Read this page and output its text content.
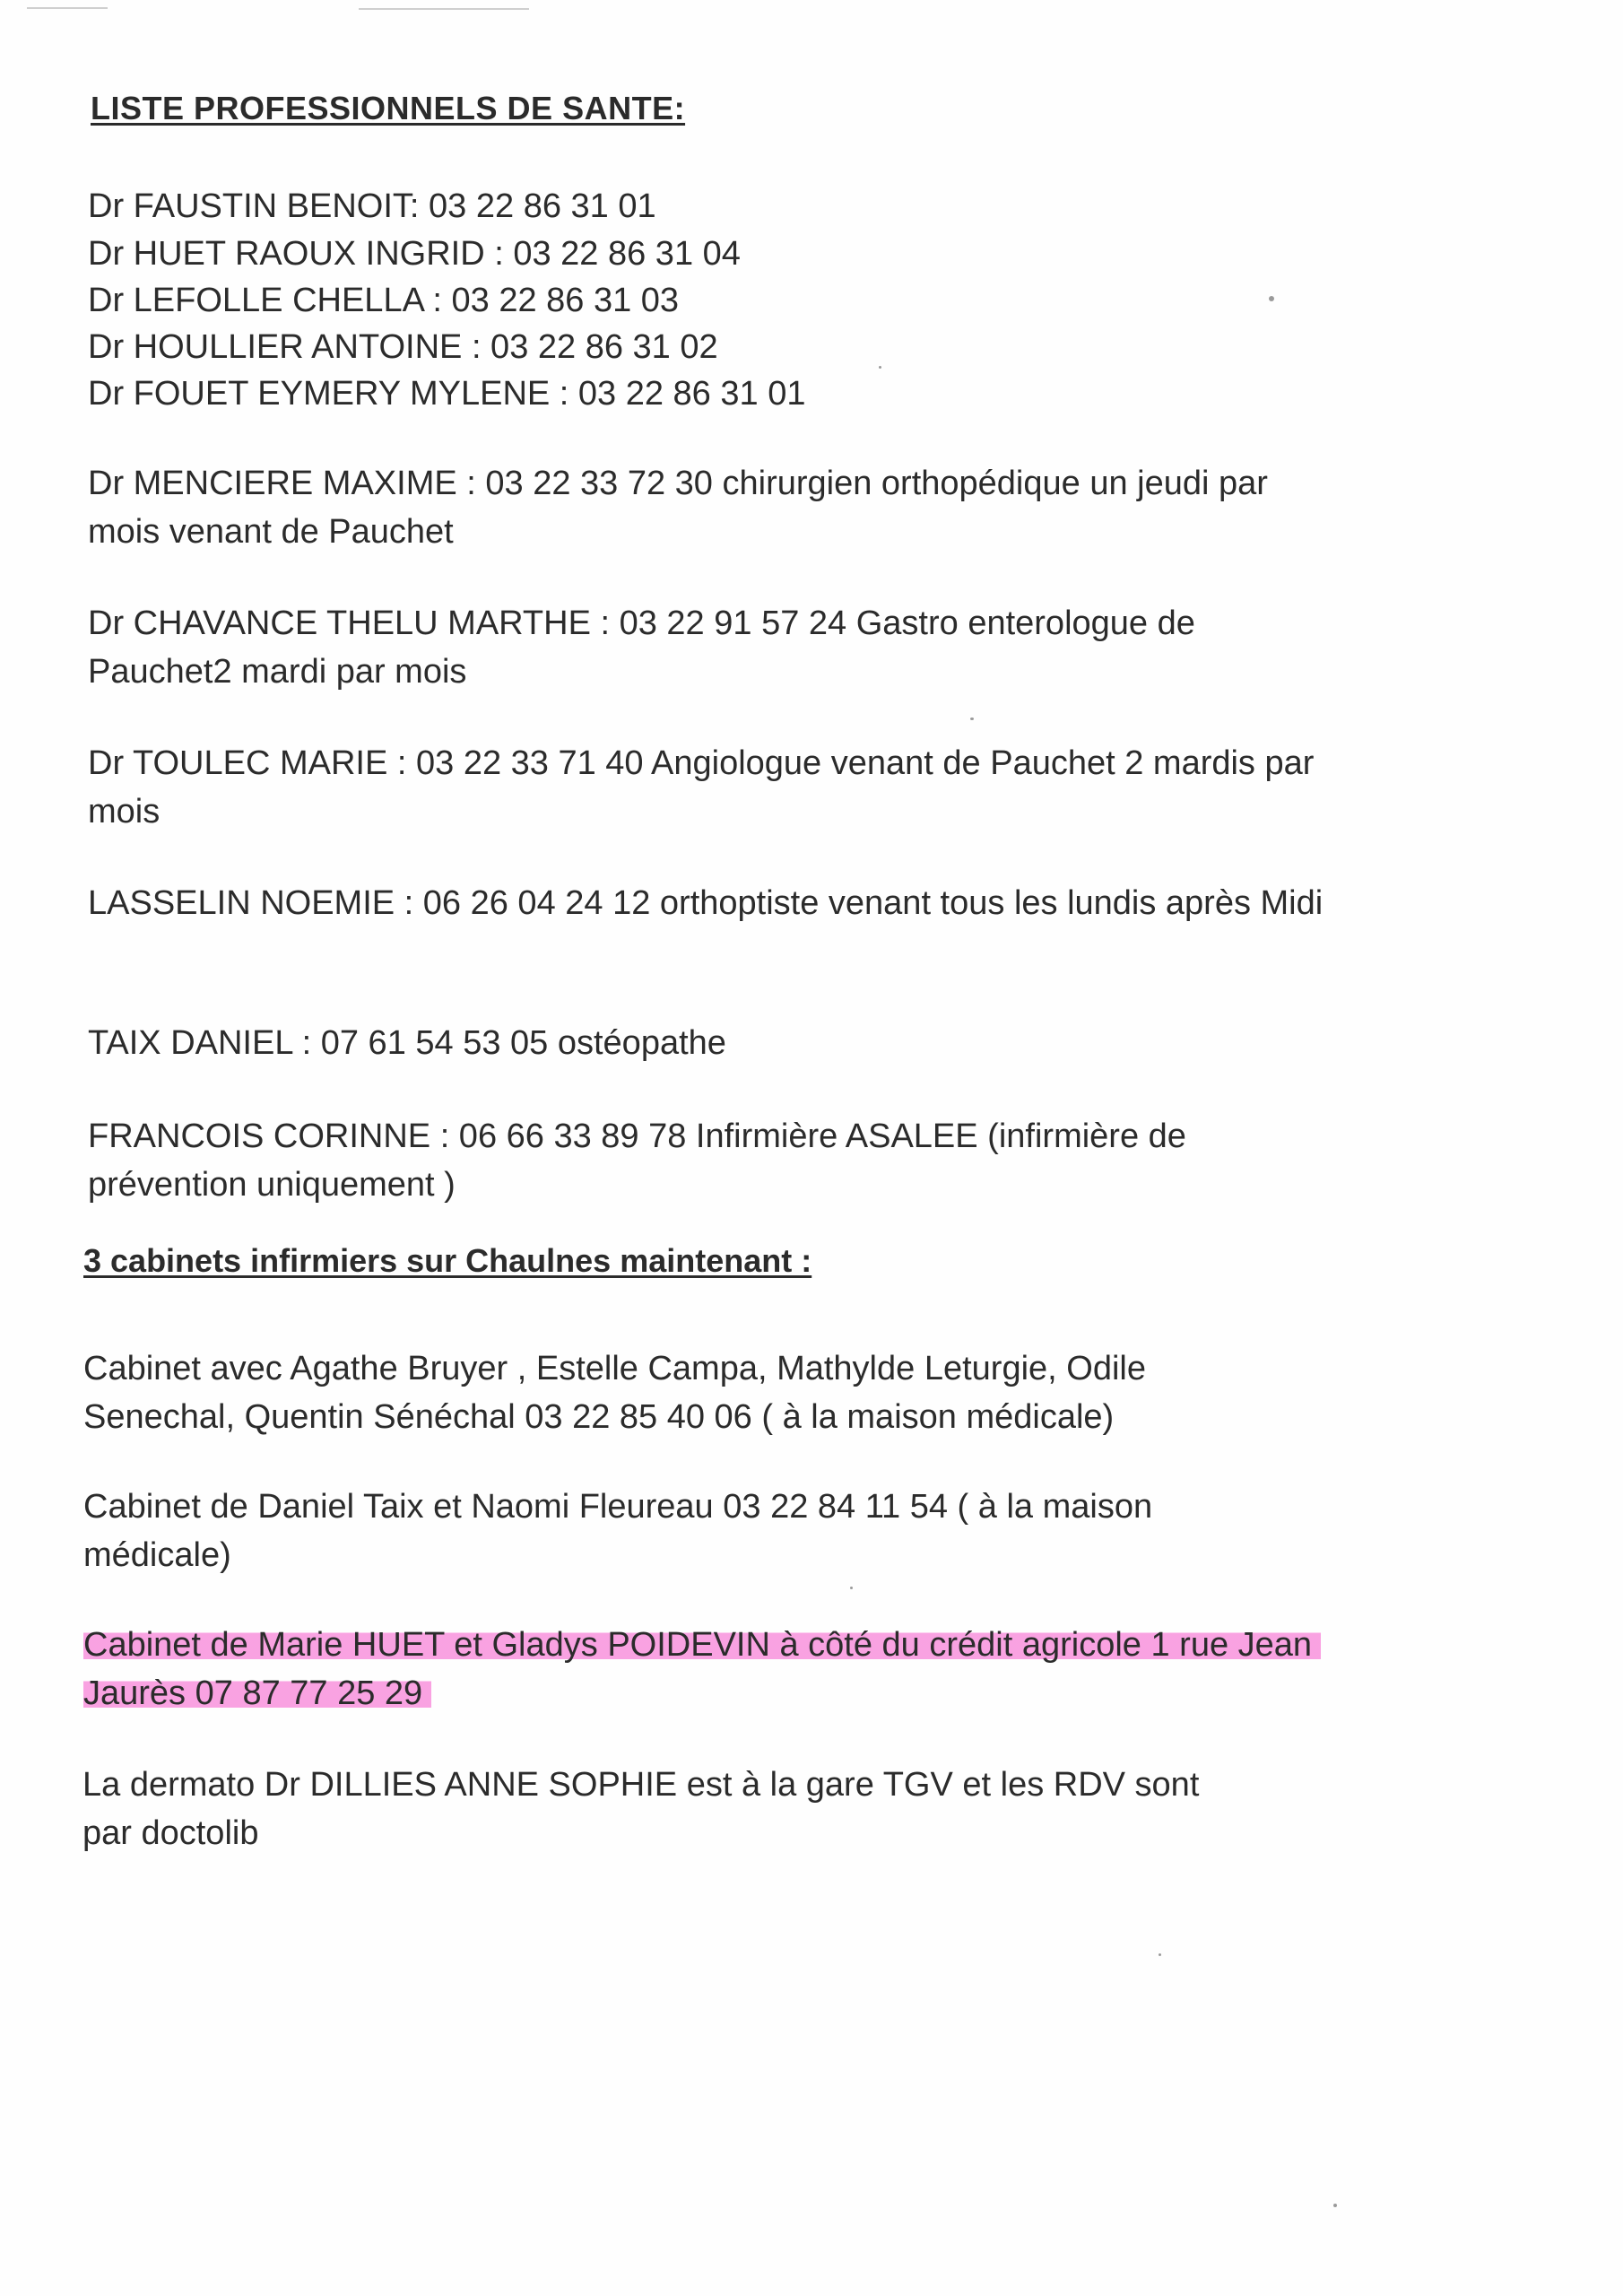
LISTE PROFESSIONNELS DE SANTE:

Dr FAUSTIN BENOIT: 03 22 86 31 01

Dr HUET RAOUX INGRID : 03 22 86 31 04

Dr LEFOLLE CHELLA : 03 22 86 31 03

Dr HOULLIER ANTOINE : 03 22 86 31 02

Dr FOUET EYMERY MYLENE : 03 22 86 31 01

Dr MENCIERE MAXIME : 03 22 33 72 30 chirurgien orthopédique un jeudi par mois venant de Pauchet

Dr CHAVANCE THELU MARTHE : 03 22 91 57 24 Gastro enterologue de Pauchet2 mardi par mois

Dr TOULEC MARIE : 03 22 33 71 40 Angiologue venant de Pauchet 2 mardis par mois

LASSELIN NOEMIE : 06 26 04 24 12 orthoptiste venant tous les lundis après Midi

TAIX DANIEL : 07 61 54 53 05 ostéopathe

FRANCOIS CORINNE : 06 66 33 89 78 Infirmière ASALEE (infirmière de prévention uniquement )

3 cabinets infirmiers sur Chaulnes maintenant :

Cabinet avec Agathe Bruyer , Estelle Campa, Mathylde Leturgie, Odile Senechal, Quentin Sénéchal 03 22 85 40 06 ( à la maison médicale)

Cabinet de Daniel Taix et Naomi Fleureau 03 22 84 11 54 ( à la maison médicale)

Cabinet de Marie HUET et Gladys POIDEVIN à côté du crédit agricole 1 rue Jean Jaurès 07 87 77 25 29

La dermato Dr DILLIES ANNE SOPHIE est à la gare TGV et les RDV sont par doctolib
